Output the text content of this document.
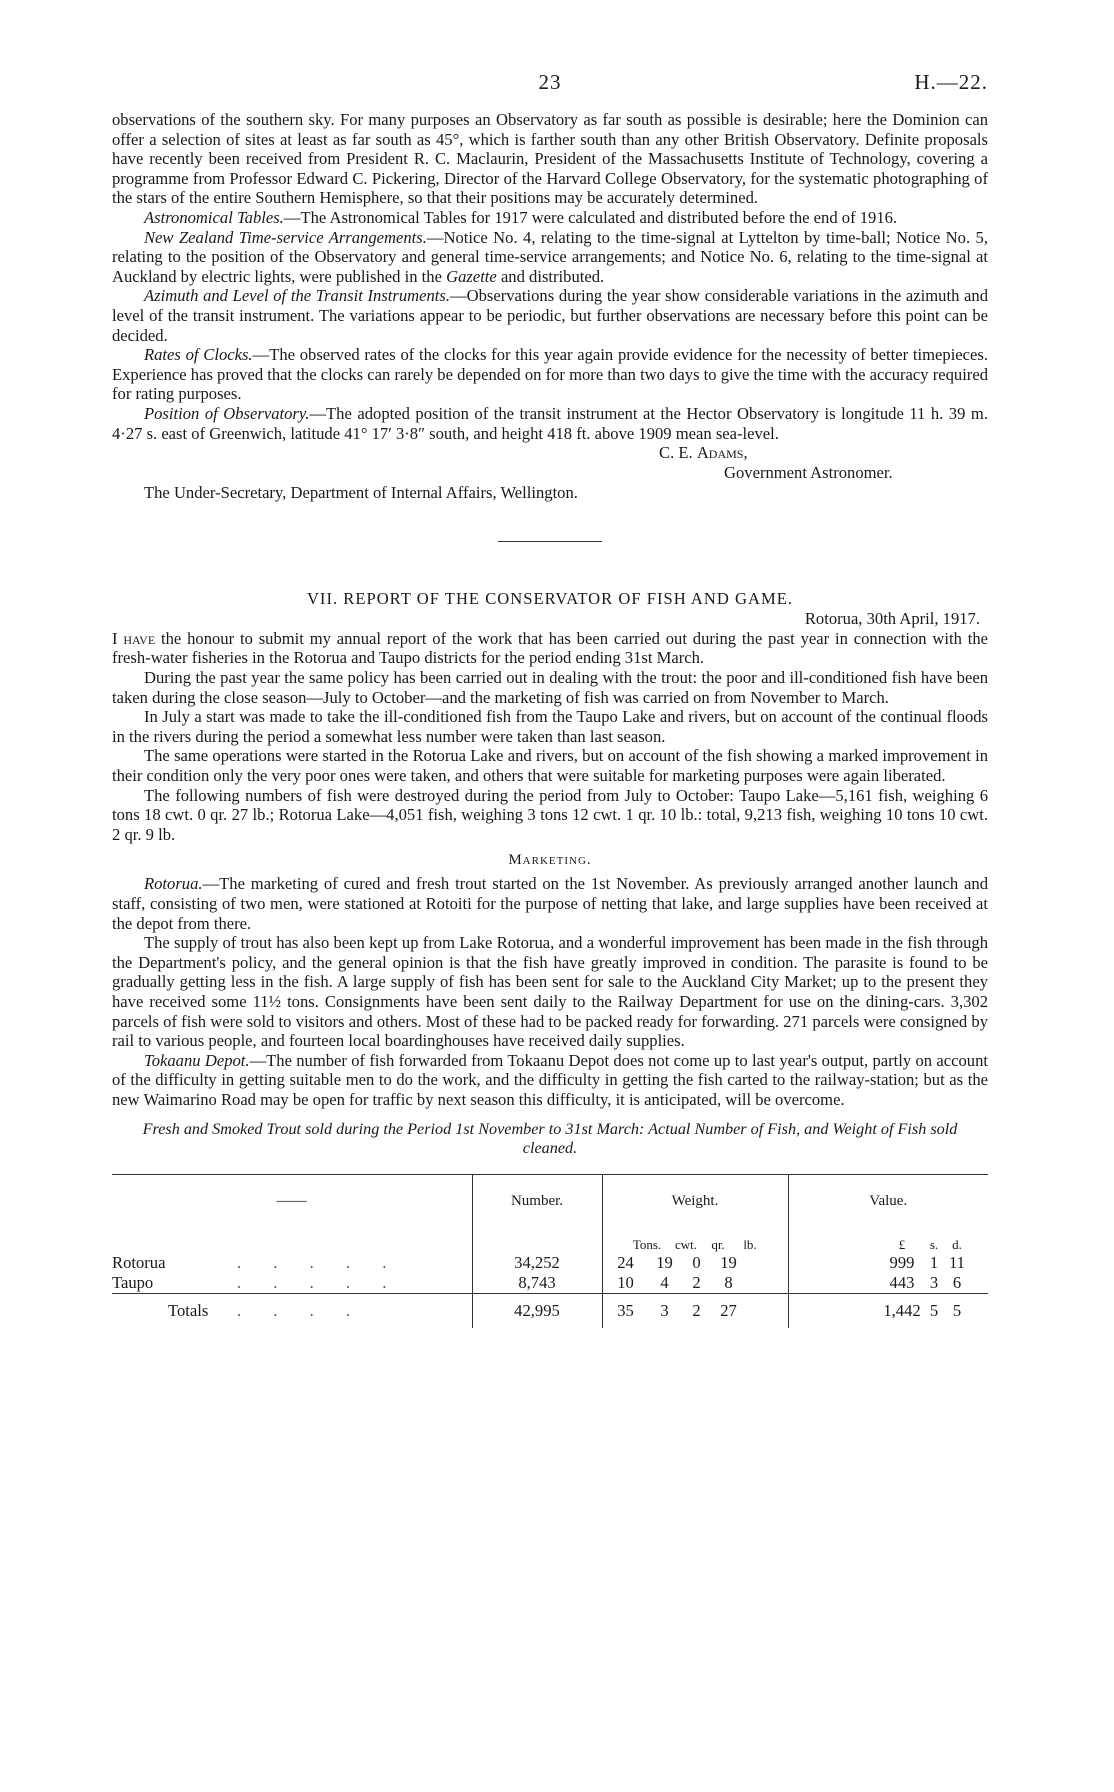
23	H.—22.

observations of the southern sky. For many purposes an Observatory as far south as possible is desirable; here the Dominion can offer a selection of sites at least as far south as 45°, which is farther south than any other British Observatory. Definite proposals have recently been received from President R. C. Maclaurin, President of the Massachusetts Institute of Technology, covering a programme from Professor Edward C. Pickering, Director of the Harvard College Observatory, for the systematic photographing of the stars of the entire Southern Hemisphere, so that their positions may be accurately determined.

Astronomical Tables.—The Astronomical Tables for 1917 were calculated and distributed before the end of 1916.

New Zealand Time-service Arrangements.—Notice No. 4, relating to the time-signal at Lyttelton by time-ball; Notice No. 5, relating to the position of the Observatory and general time-service arrangements; and Notice No. 6, relating to the time-signal at Auckland by electric lights, were published in the Gazette and distributed.

Azimuth and Level of the Transit Instruments.—Observations during the year show considerable variations in the azimuth and level of the transit instrument. The variations appear to be periodic, but further observations are necessary before this point can be decided.

Rates of Clocks.—The observed rates of the clocks for this year again provide evidence for the necessity of better timepieces. Experience has proved that the clocks can rarely be depended on for more than two days to give the time with the accuracy required for rating purposes.

Position of Observatory.—The adopted position of the transit instrument at the Hector Observatory is longitude 11 h. 39 m. 4·27 s. east of Greenwich, latitude 41° 17′ 3·8″ south, and height 418 ft. above 1909 mean sea-level.

C. E. Adams,
Government Astronomer.
The Under-Secretary, Department of Internal Affairs, Wellington.
VII. REPORT OF THE CONSERVATOR OF FISH AND GAME.
Rotorua, 30th April, 1917.

I have the honour to submit my annual report of the work that has been carried out during the past year in connection with the fresh-water fisheries in the Rotorua and Taupo districts for the period ending 31st March.

During the past year the same policy has been carried out in dealing with the trout: the poor and ill-conditioned fish have been taken during the close season—July to October—and the marketing of fish was carried on from November to March.

In July a start was made to take the ill-conditioned fish from the Taupo Lake and rivers, but on account of the continual floods in the rivers during the period a somewhat less number were taken than last season.

The same operations were started in the Rotorua Lake and rivers, but on account of the fish showing a marked improvement in their condition only the very poor ones were taken, and others that were suitable for marketing purposes were again liberated.

The following numbers of fish were destroyed during the period from July to October: Taupo Lake—5,161 fish, weighing 6 tons 18 cwt. 0 qr. 27 lb.; Rotorua Lake—4,051 fish, weighing 3 tons 12 cwt. 1 qr. 10 lb.: total, 9,213 fish, weighing 10 tons 10 cwt. 2 qr. 9 lb.

Marketing.

Rotorua.—The marketing of cured and fresh trout started on the 1st November. As previously arranged another launch and staff, consisting of two men, were stationed at Rotoiti for the purpose of netting that lake, and large supplies have been received at the depot from there.

The supply of trout has also been kept up from Lake Rotorua, and a wonderful improvement has been made in the fish through the Department's policy, and the general opinion is that the fish have greatly improved in condition. The parasite is found to be gradually getting less in the fish. A large supply of fish has been sent for sale to the Auckland City Market; up to the present they have received some 11½ tons. Consignments have been sent daily to the Railway Department for use on the dining-cars. 3,302 parcels of fish were sold to visitors and others. Most of these had to be packed ready for forwarding. 271 parcels were consigned by rail to various people, and fourteen local boardinghouses have received daily supplies.

Tokaanu Depot.—The number of fish forwarded from Tokaanu Depot does not come up to last year's output, partly on account of the difficulty in getting suitable men to do the work, and the difficulty in getting the fish carted to the railway-station; but as the new Waimarino Road may be open for traffic by next season this difficulty, it is anticipated, will be overcome.

Fresh and Smoked Trout sold during the Period 1st November to 31st March: Actual Number of Fish, and Weight of Fish sold cleaned.
——	Number.	Weight.	Value.
		Tons. cwt. qr. lb.	£ s. d.
Rotorua . . . . .	34,252	24 19 0 19	999 1 11
Taupo . . . . .	8,743	10 4 2 8	443 3 6
Totals . . . .	42,995	35 3 2 27	1,442 5 5
